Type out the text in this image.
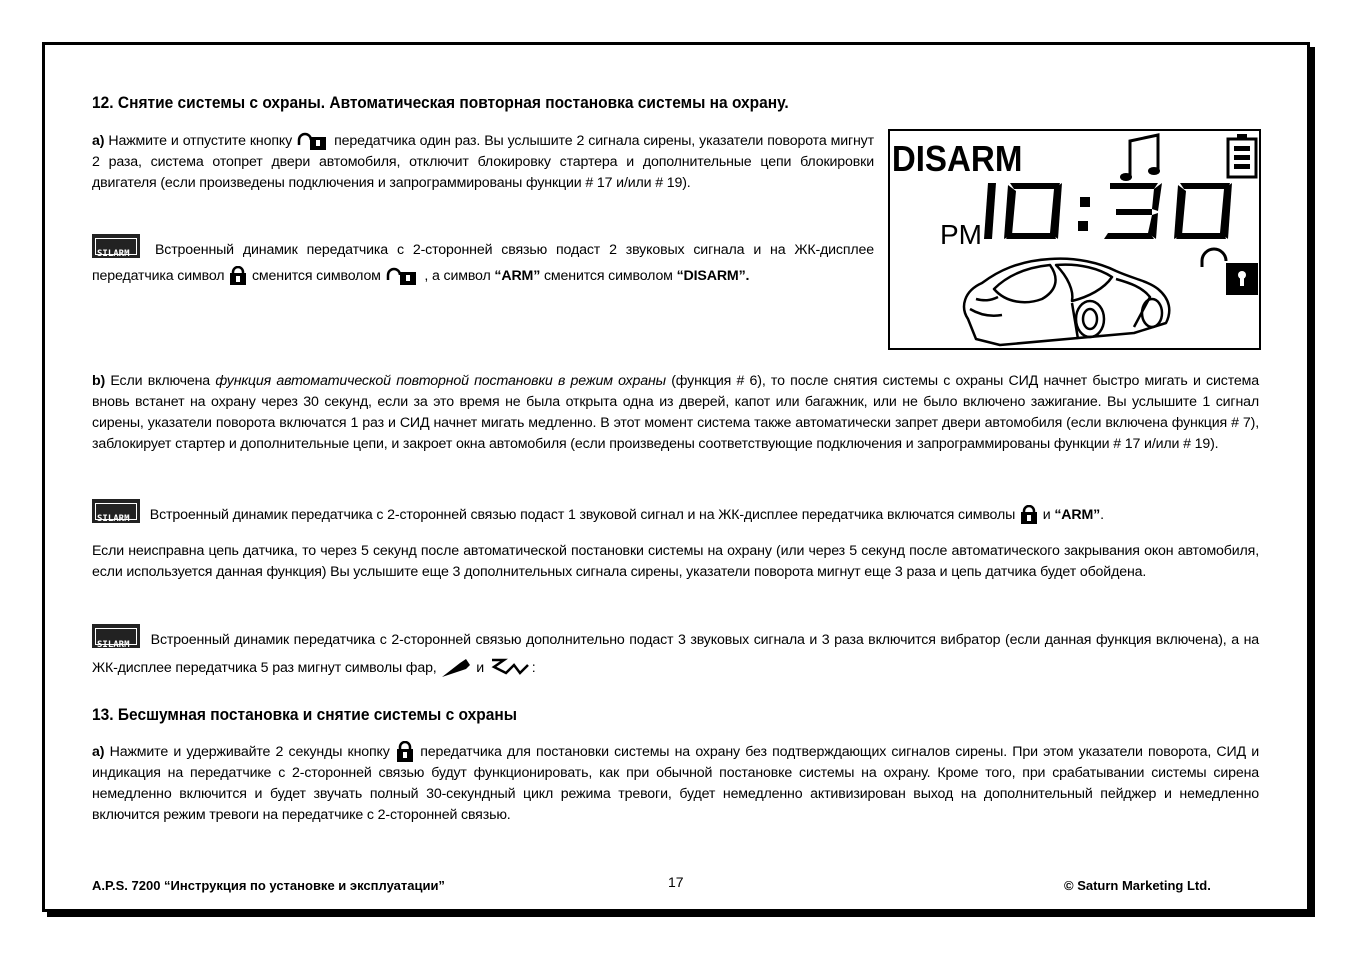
12. Снятие системы с охраны. Автоматическая повторная постановка системы на охрану.
а) Нажмите и отпустите кнопку	передатчика один раз. Вы услышите 2 сигнала сирены, указатели поворота мигнут 2 раза, система отопрет двери автомобиля, отключит блокировку стартера и дополнительные цепи блокировки двигателя (если произведены подключения и запрограммированы функции # 17 и/или # 19).
SILARM Встроенный динамик передатчика с 2-сторонней связью подаст 2 звуковых сигнала и на ЖК-дисплее передатчика символ сменится символом	, а символ “ARM” сменится символом “DISARM”.
DISARM
PM
b) Если включена функция автоматической повторной постановки в режим охраны (функция # 6), то после снятия системы с охраны СИД начнет быстро мигать и система вновь встанет на охрану через 30 секунд, если за это время не была открыта одна из дверей, капот или багажник, или не было включено зажигание. Вы услышите 1 сигнал сирены, указатели поворота включатся 1 раз и СИД начнет мигать медленно. В этот момент система также автоматически запрет двери автомобиля (если включена функция # 7), заблокирует стартер и дополнительные цепи, и закроет окна автомобиля (если произведены соответствующие подключения и запрограммированы функции # 17 и/или # 19).
SILARM Встроенный динамик передатчика с 2-сторонней связью подаст 1 звуковой сигнал и на ЖК-дисплее передатчика включатся символы и “ARM”.
Если неисправна цепь датчика, то через 5 секунд после автоматической постановки системы на охрану (или через 5 секунд после автоматического закрывания окон автомобиля, если используется данная функция) Вы услышите еще 3 дополнительных сигнала сирены, указатели поворота мигнут еще 3 раза и цепь датчика будет обойдена.
SILARM Встроенный динамик передатчика с 2-сторонней связью дополнительно подаст 3 звуковых сигнала и 3 раза включится вибратор (если данная функция включена), а на ЖК-дисплее передатчика 5 раз мигнут символы фар,	и	:
13. Бесшумная постановка и снятие системы с охраны
а) Нажмите и удерживайте 2 секунды кнопку передатчика для постановки системы на охрану без подтверждающих сигналов сирены. При этом указатели поворота, СИД и индикация на передатчике с 2-сторонней связью будут функционировать, как при обычной постановке системы на охрану. Кроме того, при срабатывании системы сирена немедленно включится и будет звучать полный 30-секундный цикл режима тревоги, будет немедленно активизирован выход на дополнительный пейджер и немедленно включится режим тревоги на передатчике с 2-сторонней связью.
A.P.S. 7200 “Инструкция по установке и эксплуатации”	17	© Saturn Marketing Ltd.
